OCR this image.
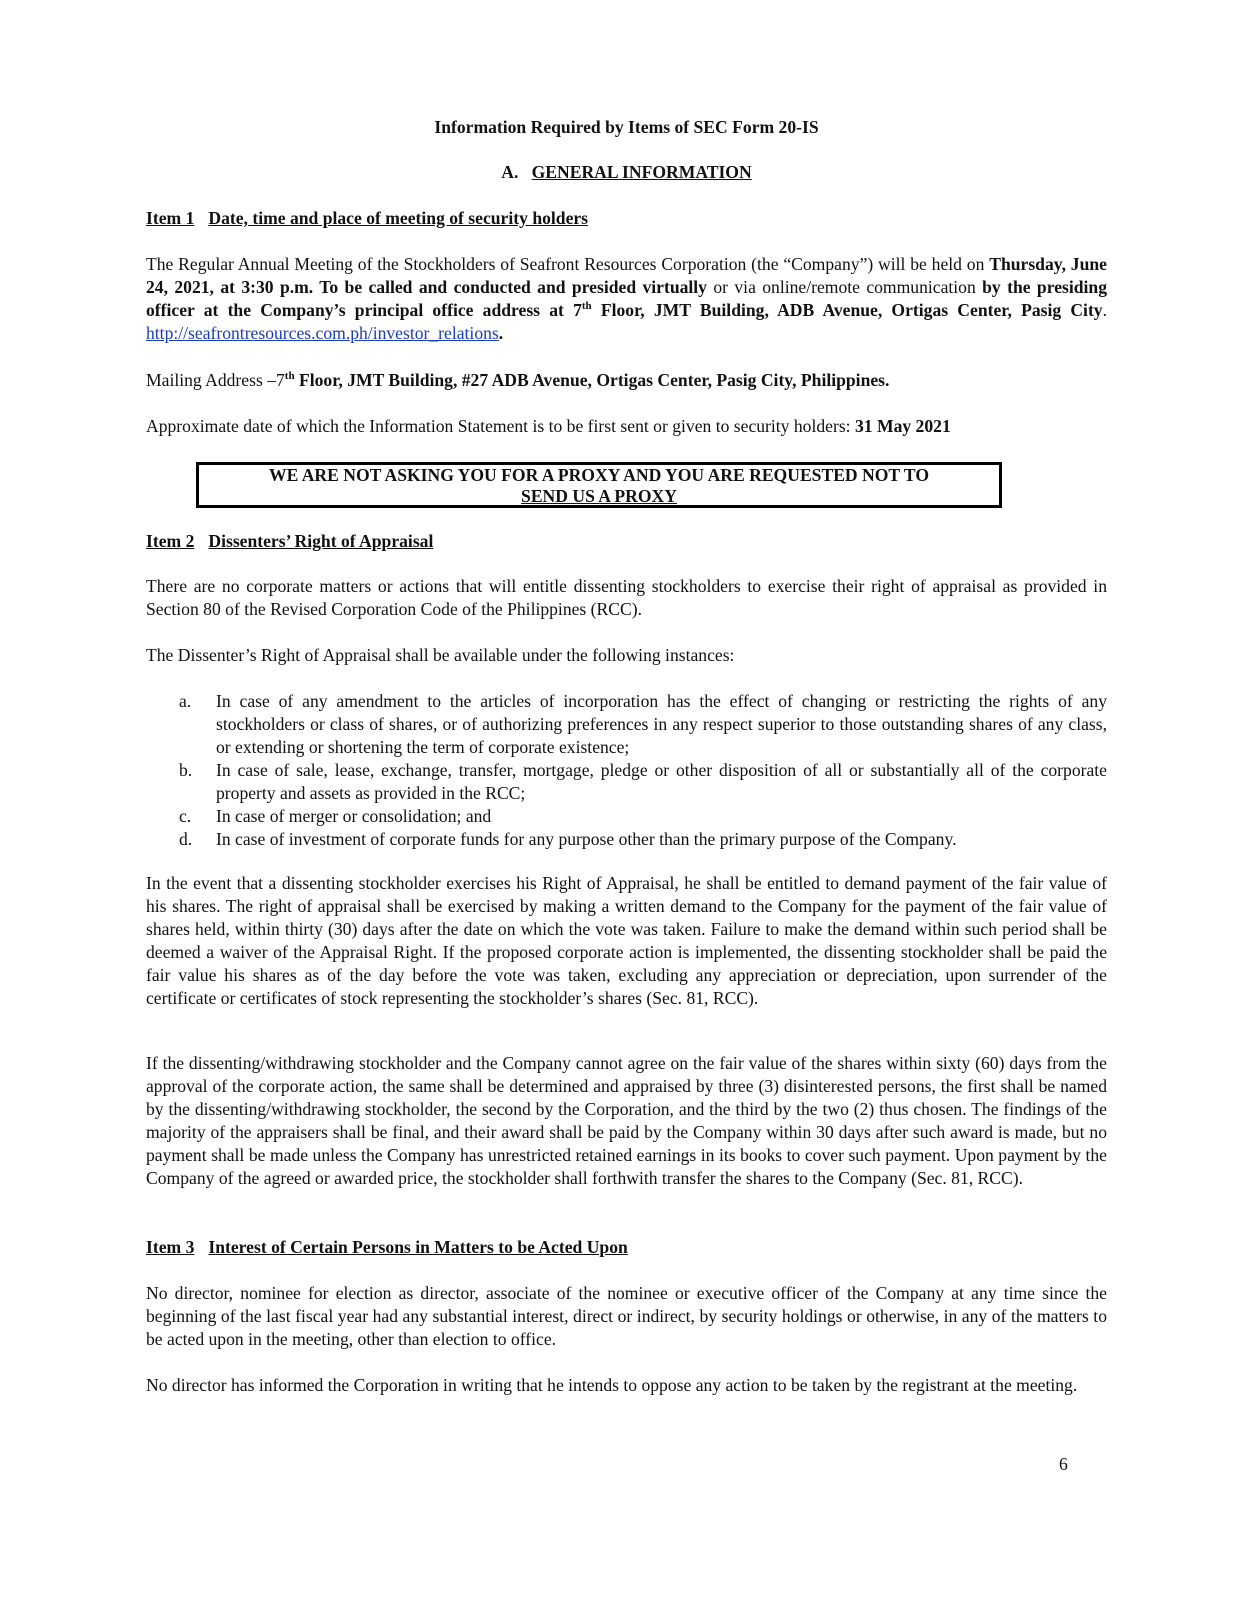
Information Required by Items of SEC Form 20-IS
A. GENERAL INFORMATION
Item 1 Date, time and place of meeting of security holders

The Regular Annual Meeting of the Stockholders of Seafront Resources Corporation (the “Company”) will be held on Thursday, June 24, 2021, at 3:30 p.m. To be called and conducted and presided virtually or via online/remote communication by the presiding officer at the Company’s principal office address at 7th Floor, JMT Building, ADB Avenue, Ortigas Center, Pasig City. http://seafrontresources.com.ph/investor_relations.

Mailing Address –7th Floor, JMT Building, #27 ADB Avenue, Ortigas Center, Pasig City, Philippines.

Approximate date of which the Information Statement is to be first sent or given to security holders: 31 May 2021

WE ARE NOT ASKING YOU FOR A PROXY AND YOU ARE REQUESTED NOT TO
SEND US A PROXY
Item 2 Dissenters’ Right of Appraisal

There are no corporate matters or actions that will entitle dissenting stockholders to exercise their right of appraisal as provided in Section 80 of the Revised Corporation Code of the Philippines (RCC).

The Dissenter’s Right of Appraisal shall be available under the following instances:

a. In case of any amendment to the articles of incorporation has the effect of changing or restricting the rights of any stockholders or class of shares, or of authorizing preferences in any respect superior to those outstanding shares of any class, or extending or shortening the term of corporate existence;
b. In case of sale, lease, exchange, transfer, mortgage, pledge or other disposition of all or substantially all of the corporate property and assets as provided in the RCC;
c. In case of merger or consolidation; and
d. In case of investment of corporate funds for any purpose other than the primary purpose of the Company.

In the event that a dissenting stockholder exercises his Right of Appraisal, he shall be entitled to demand payment of the fair value of his shares. The right of appraisal shall be exercised by making a written demand to the Company for the payment of the fair value of shares held, within thirty (30) days after the date on which the vote was taken. Failure to make the demand within such period shall be deemed a waiver of the Appraisal Right. If the proposed corporate action is implemented, the dissenting stockholder shall be paid the fair value his shares as of the day before the vote was taken, excluding any appreciation or depreciation, upon surrender of the certificate or certificates of stock representing the stockholder’s shares (Sec. 81, RCC).

If the dissenting/withdrawing stockholder and the Company cannot agree on the fair value of the shares within sixty (60) days from the approval of the corporate action, the same shall be determined and appraised by three (3) disinterested persons, the first shall be named by the dissenting/withdrawing stockholder, the second by the Corporation, and the third by the two (2) thus chosen. The findings of the majority of the appraisers shall be final, and their award shall be paid by the Company within 30 days after such award is made, but no payment shall be made unless the Company has unrestricted retained earnings in its books to cover such payment. Upon payment by the Company of the agreed or awarded price, the stockholder shall forthwith transfer the shares to the Company (Sec. 81, RCC).

Item 3 Interest of Certain Persons in Matters to be Acted Upon

No director, nominee for election as director, associate of the nominee or executive officer of the Company at any time since the beginning of the last fiscal year had any substantial interest, direct or indirect, by security holdings or otherwise, in any of the matters to be acted upon in the meeting, other than election to office.

No director has informed the Corporation in writing that he intends to oppose any action to be taken by the registrant at the meeting.

6
